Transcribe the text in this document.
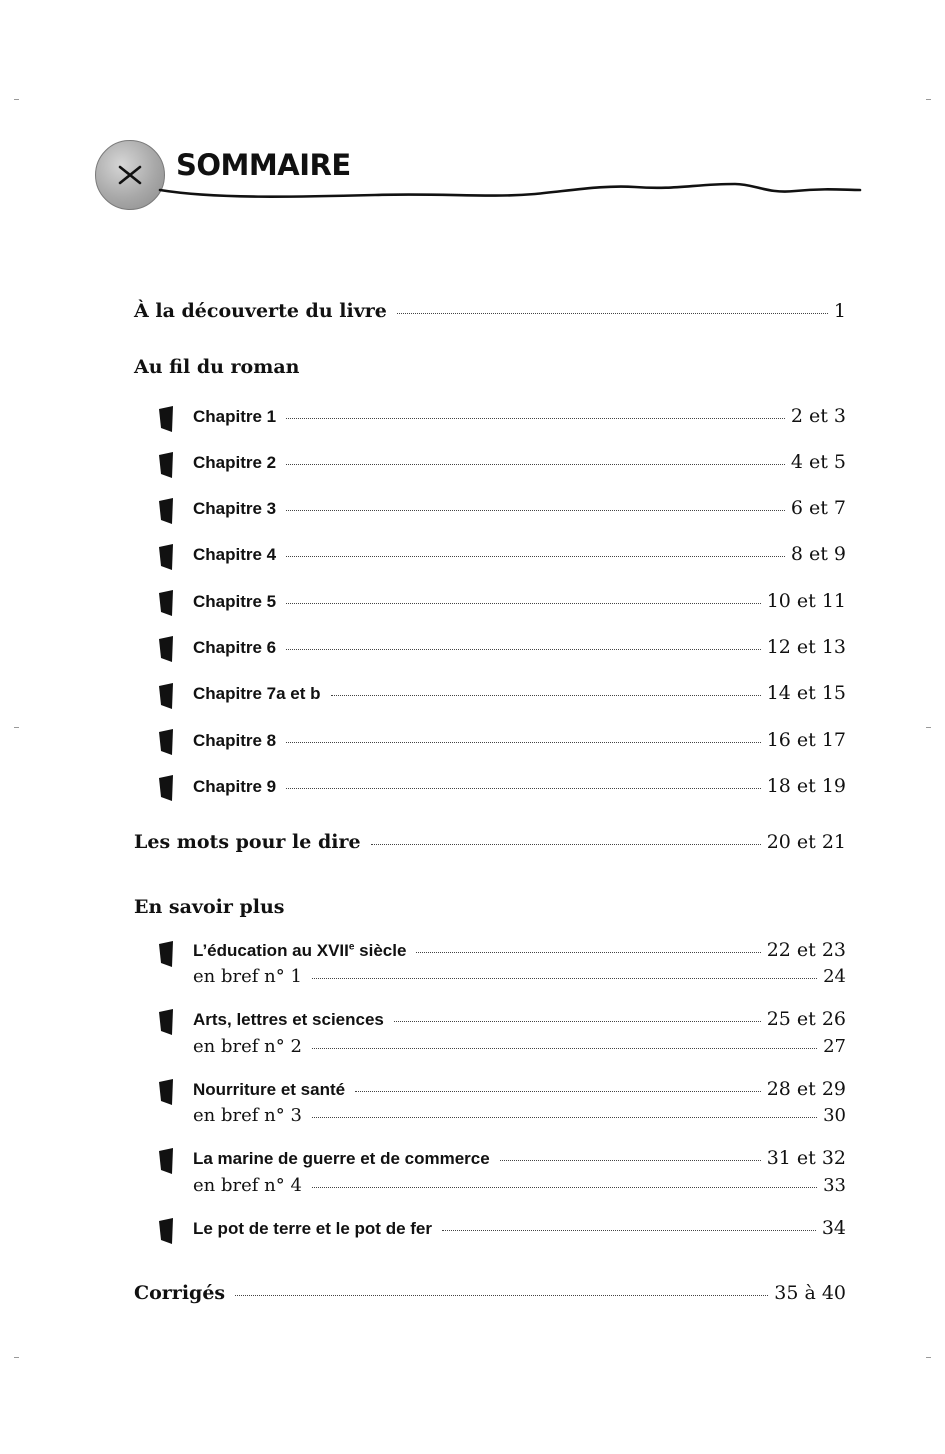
SOMMAIRE
À la découverte du livre	1
Au fil du roman
Chapitre 1	2 et 3
Chapitre 2	4 et 5
Chapitre 3	6 et 7
Chapitre 4	8 et 9
Chapitre 5	10 et 11
Chapitre 6	12 et 13
Chapitre 7a et b	14 et 15
Chapitre 8	16 et 17
Chapitre 9	18 et 19
Les mots pour le dire	20 et 21
En savoir plus
L’éducation au XVIIe siècle	22 et 23
en bref n° 1	24
Arts, lettres et sciences	25 et 26
en bref n° 2	27
Nourriture et santé	28 et 29
en bref n° 3	30
La marine de guerre et de commerce	31 et 32
en bref n° 4	33
Le pot de terre et le pot de fer	34
Corrigés	35 à 40
